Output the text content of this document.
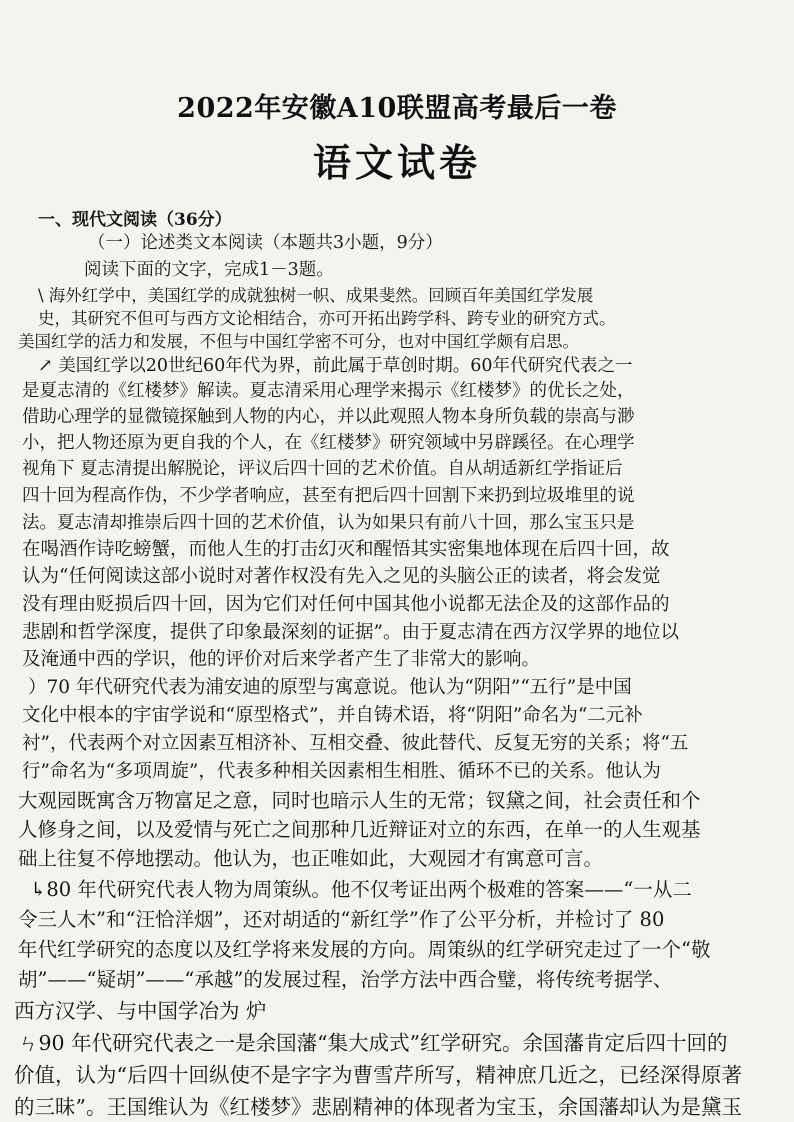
2022年安徽A10联盟高考最后一卷
语文试卷
一、现代文阅读（36分）
（一）论述类文本阅读（本题共3小题，9分）
阅读下面的文字，完成1－3题。
\ 海外红学中，美国红学的成就独树一帜、成果斐然。回顾百年美国红学发展
史，其研究不但可与西方文论相结合，亦可开拓出跨学科、跨专业的研究方式。
美国红学的活力和发展，不但与中国红学密不可分，也对中国红学颇有启思。
↗ 美国红学以20世纪60年代为界，前此属于草创时期。60年代研究代表之一
是夏志清的《红楼梦》解读。夏志清采用心理学来揭示《红楼梦》的优长之处，
借助心理学的显微镜探触到人物的内心，并以此观照人物本身所负载的崇高与渺
小，把人物还原为更自我的个人，在《红楼梦》研究领域中另辟蹊径。在心理学
视角下 夏志清提出解脱论，评议后四十回的艺术价值。自从胡适新红学指证后
四十回为程高作伪，不少学者响应，甚至有把后四十回割下来扔到垃圾堆里的说
法。夏志清却推崇后四十回的艺术价值，认为如果只有前八十回，那么宝玉只是
在喝酒作诗吃螃蟹，而他人生的打击幻灭和醒悟其实密集地体现在后四十回，故
认为“任何阅读这部小说时对著作权没有先入之见的头脑公正的读者，将会发觉
没有理由贬损后四十回，因为它们对任何中国其他小说都无法企及的这部作品的
悲剧和哲学深度，提供了印象最深刻的证据”。由于夏志清在西方汉学界的地位以
及淹通中西的学识，他的评价对后来学者产生了非常大的影响。
）70 年代研究代表为浦安迪的原型与寓意说。他认为“阴阳”“五行”是中国
文化中根本的宇宙学说和“原型格式”，并自铸术语，将“阴阳”命名为“二元补
衬”，代表两个对立因素互相济补、互相交叠、彼此替代、反复无穷的关系；将“五
行”命名为“多项周旋”，代表多种相关因素相生相胜、循环不已的关系。他认为
大观园既寓含万物富足之意，同时也暗示人生的无常；钗黛之间，社会责任和个
人修身之间，以及爱情与死亡之间那种几近辩证对立的东西，在单一的人生观基
础上往复不停地摆动。他认为，也正唯如此，大观园才有寓意可言。
↳80 年代研究代表人物为周策纵。他不仅考证出两个极难的答案——“一从二
令三人木”和“汪恰洋烟”，还对胡适的“新红学”作了公平分析，并检讨了 80
年代红学研究的态度以及红学将来发展的方向。周策纵的红学研究走过了一个“敬
胡”——“疑胡”——“承越”的发展过程，治学方法中西合璧，将传统考据学、
西方汉学、与中国学冶为 炉
ㄣ90 年代研究代表之一是余国藩“集大成式”红学研究。余国藩肯定后四十回的
价值，认为“后四十回纵使不是字字为曹雪芹所写，精神庶几近之，已经深得原著
的三昧”。王国维认为《红楼梦》悲剧精神的体现者为宝玉，余国藩却认为是黛玉
